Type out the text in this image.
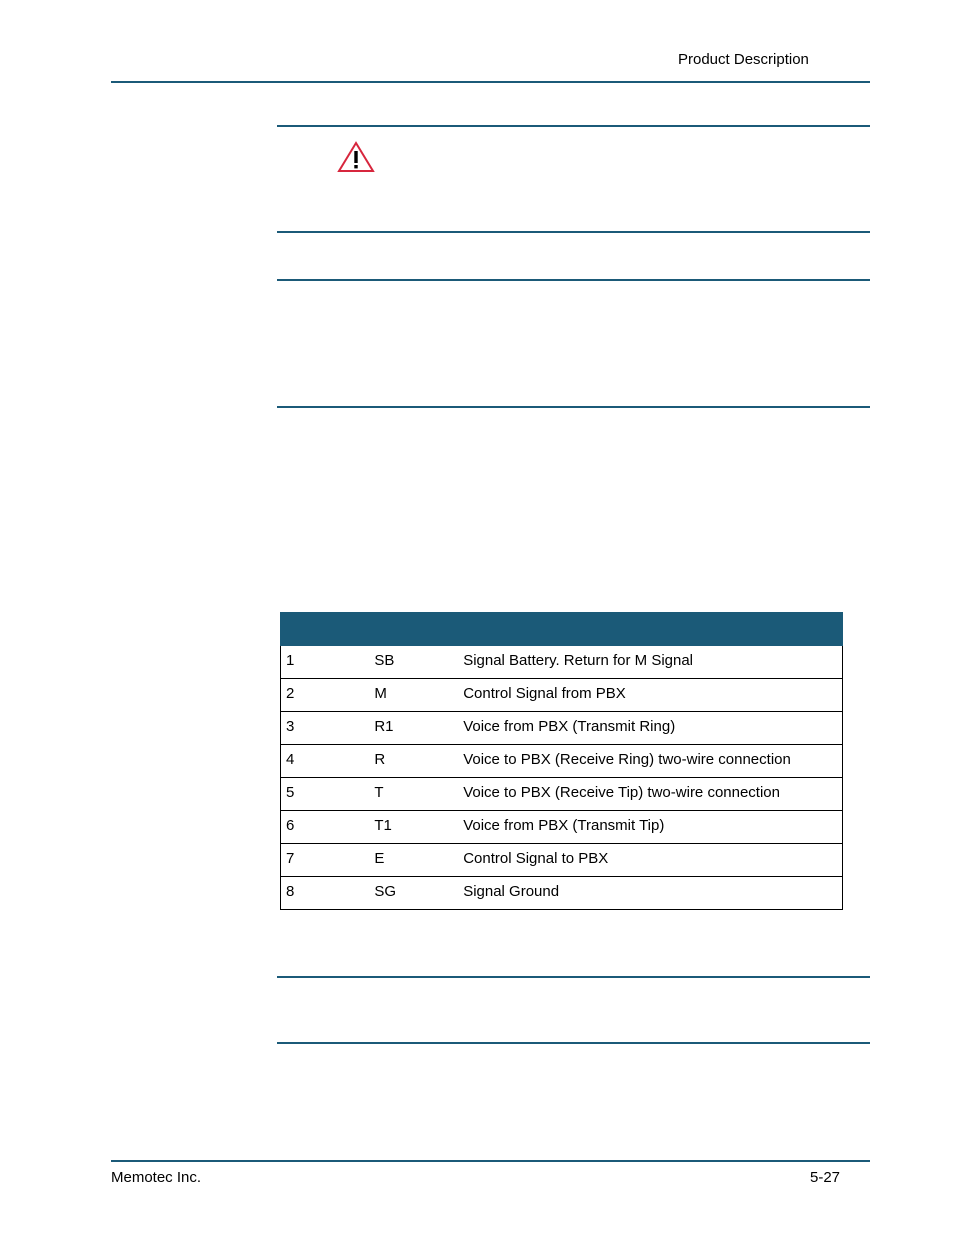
Product Description

1	SB	Signal Battery. Return for M Signal
2	M	Control Signal from PBX
3	R1	Voice from PBX (Transmit Ring)
4	R	Voice to PBX (Receive Ring) two-wire connection
5	T	Voice to PBX (Receive Tip) two-wire connection
6	T1	Voice from PBX (Transmit Tip)
7	E	Control Signal to PBX
8	SG	Signal Ground
Memotec Inc.	5-27
